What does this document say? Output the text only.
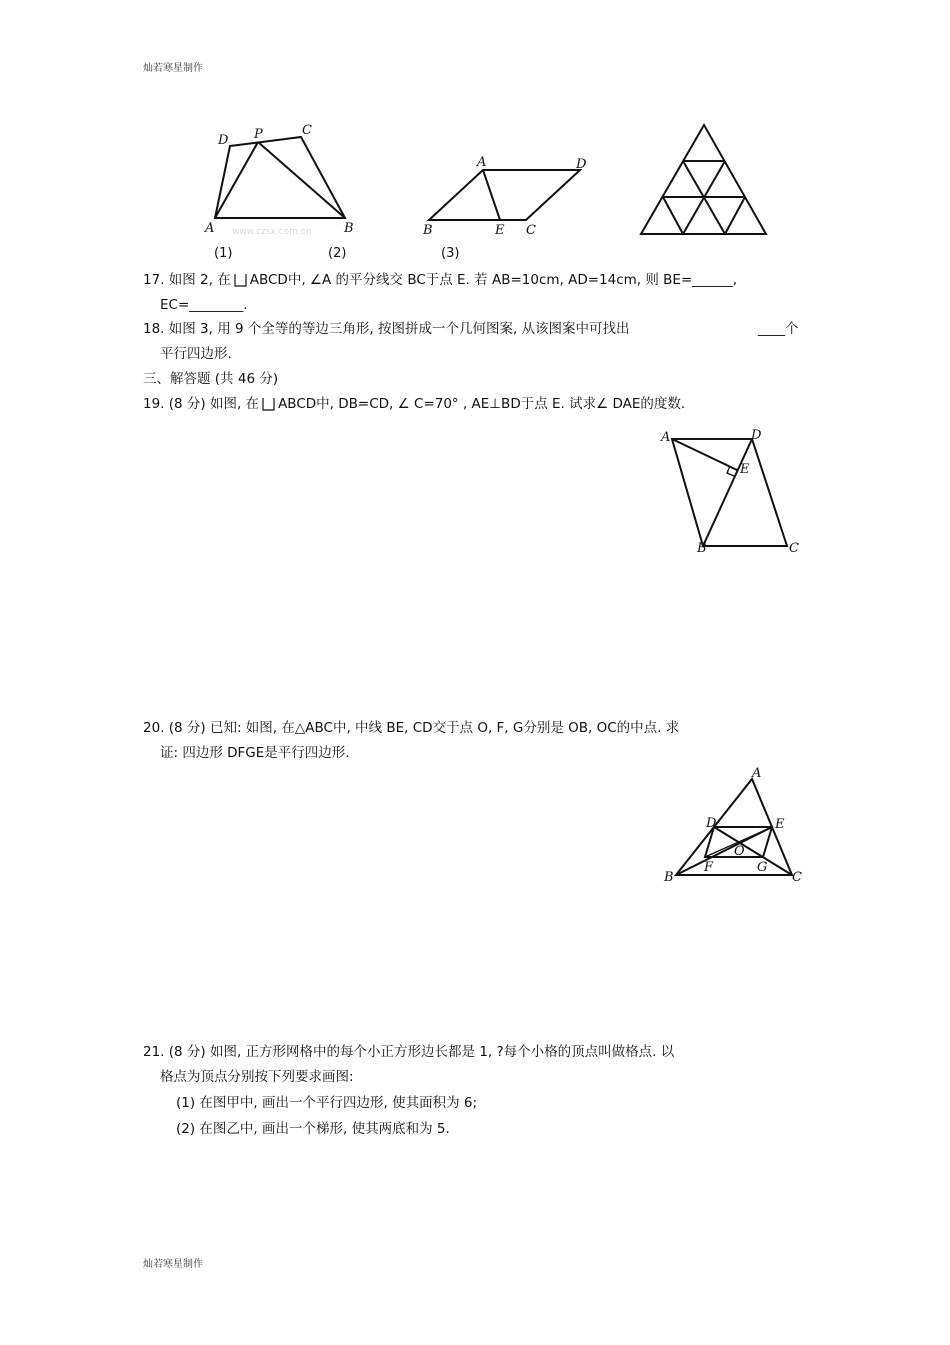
灿若寒星制作
D P	C
A	B
www.czsx.com.cn
A	D
B	E C
(1)	(2)	(3)
17. 如图 2, 在 ABCD中, ∠A 的平分线交 BC于点 E. 若 AB=10cm, AD=14cm, 则 BE=______,
EC=________.
18. 如图 3, 用 9 个全等的等边三角形, 按图拼成一个几何图案, 从该图案中可找出	____个
平行四边形.
三、解答题 (共 46 分)
19. (8 分) 如图, 在 ABCD中, DB=CD, ∠ C=70° , AE⊥BD于点 E. 试求∠ DAE的度数.
A	D
E
B	C
20. (8 分) 已知: 如图, 在△ABC中, 中线 BE, CD交于点 O, F, G分别是 OB, OC的中点. 求
证: 四边形 DFGE是平行四边形.
A
D	E
O
F	G
B	C
21. (8 分) 如图, 正方形网格中的每个小正方形边长都是 1, ?每个小格的顶点叫做格点. 以
格点为顶点分别按下列要求画图:
(1) 在图甲中, 画出一个平行四边形, 使其面积为 6;
(2) 在图乙中, 画出一个梯形, 使其两底和为 5.
灿若寒星制作
